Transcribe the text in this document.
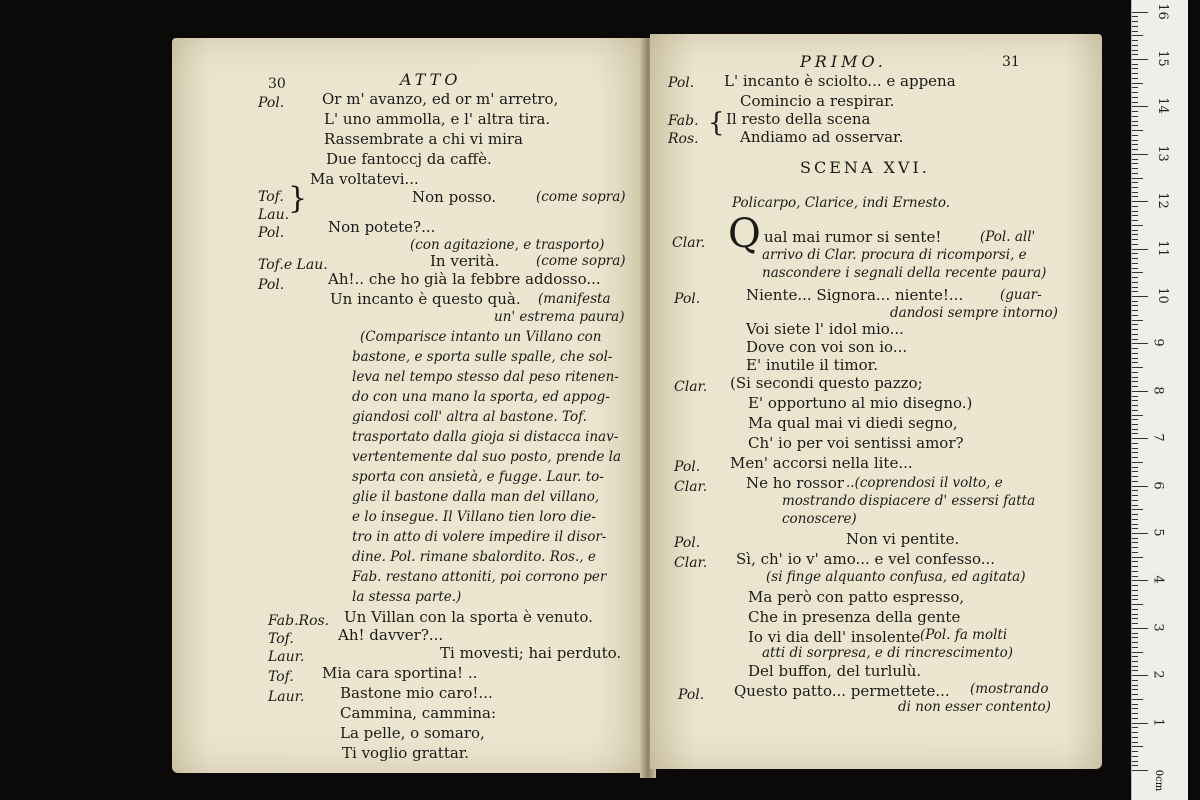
30	ATTO
Pol.	Or m' avanzo, ed or m' arretro,
L' uno ammolla, e l' altra tira.
Rassembrate a chi vi mira
Due fantoccj da caffè.
Ma voltatevi...
Tof.
Lau.
}	Non posso.	(come sopra)
Pol.	Non potete?...
(con agitazione, e trasporto)
Tof.e Lau.	In verità.	(come sopra)
Pol.	Ah!.. che ho già la febbre addosso...
Un incanto è questo quà. (manifesta
un' estrema paura)
(Comparisce intanto un Villano con
bastone, e sporta sulle spalle, che sol-
leva nel tempo stesso dal peso ritenen-
do con una mano la sporta, ed appog-
giandosi coll' altra al bastone. Tof.
trasportato dalla gioja si distacca inav-
vertentemente dal suo posto, prende la
sporta con ansietà, e fugge. Laur. to-
glie il bastone dalla man del villano,
e lo insegue. Il Villano tien loro die-
tro in atto di volere impedire il disor-
dine. Pol. rimane sbalordito. Ros., e
Fab. restano attoniti, poi corrono per
la stessa parte.)
Fab.Ros. Un Villan con la sporta è venuto.
Tof.	Ah! davver?...
Laur.	Ti movesti; hai perduto.
Tof. Mia cara sportina! ..
Laur. Bastone mio caro!...
Cammina, cammina:
La pelle, o somaro,
Ti voglio grattar.
PRIMO.	31
Pol. L' incanto è sciolto... e appena
Comincio a respirar.
Fab.
Ros.
{ Il resto della scena
Andiamo ad osservar.
SCENA XVI.
Policarpo, Clarice, indi Ernesto.
Clar. Q ual mai rumor si sente!	(Pol. all'
arrivo di Clar. procura di ricomporsi, e
nascondere i segnali della recente paura)
Pol.	Niente... Signora... niente!...	(guar-
dandosi sempre intorno)
Voi siete l' idol mio...
Dove con voi son io...
E' inutile il timor.
Clar. (Si secondi questo pazzo;
E' opportuno al mio disegno.)
Ma qual mai vi diedi segno,
Ch' io per voi sentissi amor?
Pol. Men' accorsi nella lite...
Clar.	Ne ho rossor ..(coprendosi il volto, e
mostrando dispiacere d' essersi fatta
conoscere)
Pol.	Non vi pentite.
Clar. Sì, ch' io v' amo... e vel confesso...
(si finge alquanto confusa, ed agitata)
Ma però con patto espresso,
Che in presenza della gente
Io vi dia dell' insolente (Pol. fa molti
atti di sorpresa, e di rincrescimento)
Del buffon, del turlulù.
Pol. Questo patto... permettete... (mostrando
di non esser contento)
1
2
3
4
5
6
7
8
9
10
11
12
13
14
15
16
0cm
